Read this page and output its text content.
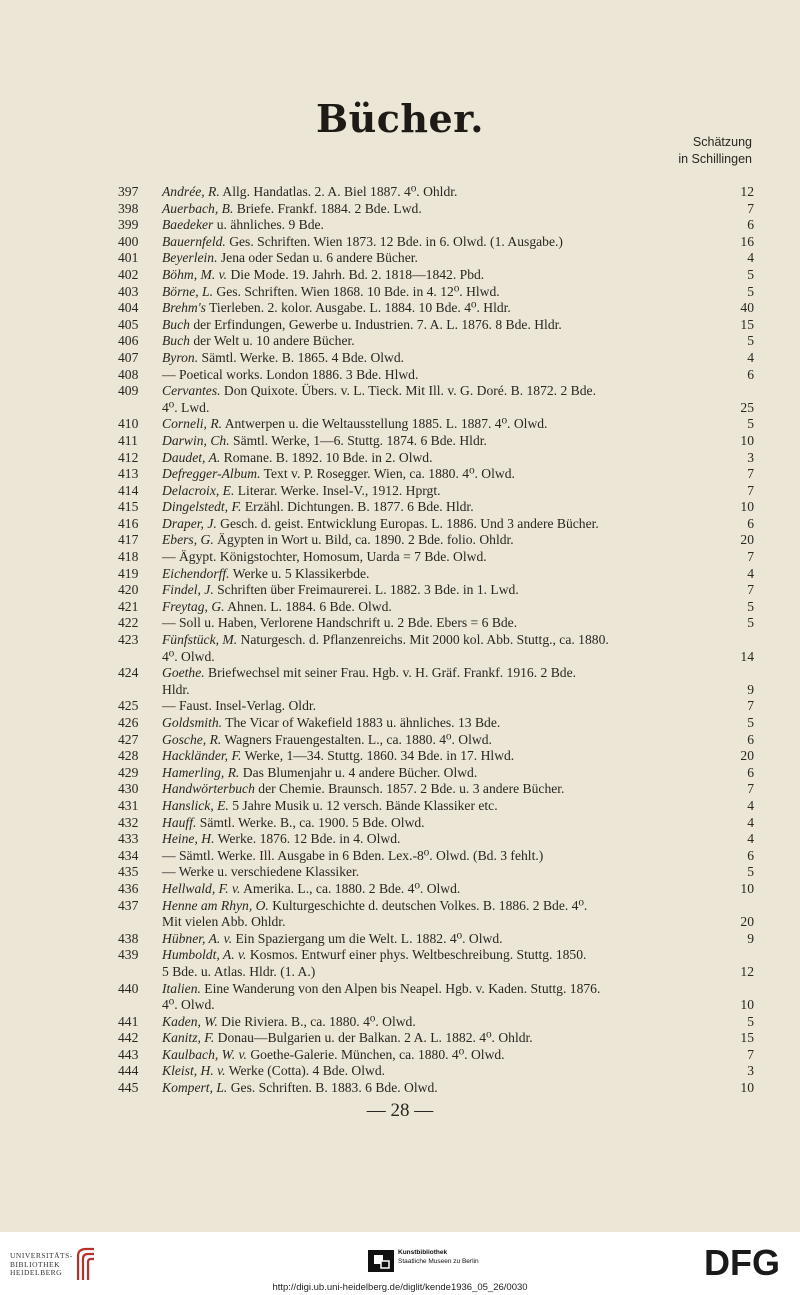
Bücher.
Schätzung
in Schillingen
397	Andrée, R. Allg. Handatlas. 2. A. Biel 1887. 4⁰. Ohldr.	12
398	Auerbach, B. Briefe. Frankf. 1884. 2 Bde. Lwd.	7
399	Baedeker u. ähnliches. 9 Bde.	6
400	Bauernfeld. Ges. Schriften. Wien 1873. 12 Bde. in 6. Olwd. (1. Ausgabe.)	16
401	Beyerlein. Jena oder Sedan u. 6 andere Bücher.	4
402	Böhm, M. v. Die Mode. 19. Jahrh. Bd. 2. 1818—1842. Pbd.	5
403	Börne, L. Ges. Schriften. Wien 1868. 10 Bde. in 4. 12⁰. Hlwd.	5
404	Brehm's Tierleben. 2. kolor. Ausgabe. L. 1884. 10 Bde. 4⁰. Hldr.	40
405	Buch der Erfindungen, Gewerbe u. Industrien. 7. A. L. 1876. 8 Bde. Hldr.	15
406	Buch der Welt u. 10 andere Bücher.	5
407	Byron. Sämtl. Werke. B. 1865. 4 Bde. Olwd.	4
408	— Poetical works. London 1886. 3 Bde. Hlwd.	6
409	Cervantes. Don Quixote. Übers. v. L. Tieck. Mit Ill. v. G. Doré. B. 1872. 2 Bde.
4⁰. Lwd.	25
410	Corneli, R. Antwerpen u. die Weltausstellung 1885. L. 1887. 4⁰. Olwd.	5
411	Darwin, Ch. Sämtl. Werke, 1—6. Stuttg. 1874. 6 Bde. Hldr.	10
412	Daudet, A. Romane. B. 1892. 10 Bde. in 2. Olwd.	3
413	Defregger-Album. Text v. P. Rosegger. Wien, ca. 1880. 4⁰. Olwd.	7
414	Delacroix, E. Literar. Werke. Insel-V., 1912. Hprgt.	7
415	Dingelstedt, F. Erzähl. Dichtungen. B. 1877. 6 Bde. Hldr.	10
416	Draper, J. Gesch. d. geist. Entwicklung Europas. L. 1886. Und 3 andere Bücher.	6
417	Ebers, G. Ägypten in Wort u. Bild, ca. 1890. 2 Bde. folio. Ohldr.	20
418	— Ägypt. Königstochter, Homosum, Uarda = 7 Bde. Olwd.	7
419	Eichendorff. Werke u. 5 Klassikerbde.	4
420	Findel, J. Schriften über Freimaurerei. L. 1882. 3 Bde. in 1. Lwd.	7
421	Freytag, G. Ahnen. L. 1884. 6 Bde. Olwd.	5
422	— Soll u. Haben, Verlorene Handschrift u. 2 Bde. Ebers = 6 Bde.	5
423	Fünfstück, M. Naturgesch. d. Pflanzenreichs. Mit 2000 kol. Abb. Stuttg., ca. 1880.
4⁰. Olwd.	14
424	Goethe. Briefwechsel mit seiner Frau. Hgb. v. H. Gräf. Frankf. 1916. 2 Bde.
Hldr.	9
425	— Faust. Insel-Verlag. Oldr.	7
426	Goldsmith. The Vicar of Wakefield 1883 u. ähnliches. 13 Bde.	5
427	Gosche, R. Wagners Frauengestalten. L., ca. 1880. 4⁰. Olwd.	6
428	Hackländer, F. Werke, 1—34. Stuttg. 1860. 34 Bde. in 17. Hlwd.	20
429	Hamerling, R. Das Blumenjahr u. 4 andere Bücher. Olwd.	6
430	Handwörterbuch der Chemie. Braunsch. 1857. 2 Bde. u. 3 andere Bücher.	7
431	Hanslick, E. 5 Jahre Musik u. 12 versch. Bände Klassiker etc.	4
432	Hauff. Sämtl. Werke. B., ca. 1900. 5 Bde. Olwd.	4
433	Heine, H. Werke. 1876. 12 Bde. in 4. Olwd.	4
434	— Sämtl. Werke. Ill. Ausgabe in 6 Bden. Lex.-8⁰. Olwd. (Bd. 3 fehlt.)	6
435	— Werke u. verschiedene Klassiker.	5
436	Hellwald, F. v. Amerika. L., ca. 1880. 2 Bde. 4⁰. Olwd.	10
437	Henne am Rhyn, O. Kulturgeschichte d. deutschen Volkes. B. 1886. 2 Bde. 4⁰.
Mit vielen Abb. Ohldr.	20
438	Hübner, A. v. Ein Spaziergang um die Welt. L. 1882. 4⁰. Olwd.	9
439	Humboldt, A. v. Kosmos. Entwurf einer phys. Weltbeschreibung. Stuttg. 1850.
5 Bde. u. Atlas. Hldr. (1. A.)	12
440	Italien. Eine Wanderung von den Alpen bis Neapel. Hgb. v. Kaden. Stuttg. 1876.
4⁰. Olwd.	10
441	Kaden, W. Die Riviera. B., ca. 1880. 4⁰. Olwd.	5
442	Kanitz, F. Donau—Bulgarien u. der Balkan. 2 A. L. 1882. 4⁰. Ohldr.	15
443	Kaulbach, W. v. Goethe-Galerie. München, ca. 1880. 4⁰. Olwd.	7
444	Kleist, H. v. Werke (Cotta). 4 Bde. Olwd.	3
445	Kompert, L. Ges. Schriften. B. 1883. 6 Bde. Olwd.	10
— 28 —
UNIVERSITÄTS-
BIBLIOTHEK
HEIDELBERG
Kunstbibliothek
Staatliche Museen zu Berlin	DFG
http://digi.ub.uni-heidelberg.de/diglit/kende1936_05_26/0030
